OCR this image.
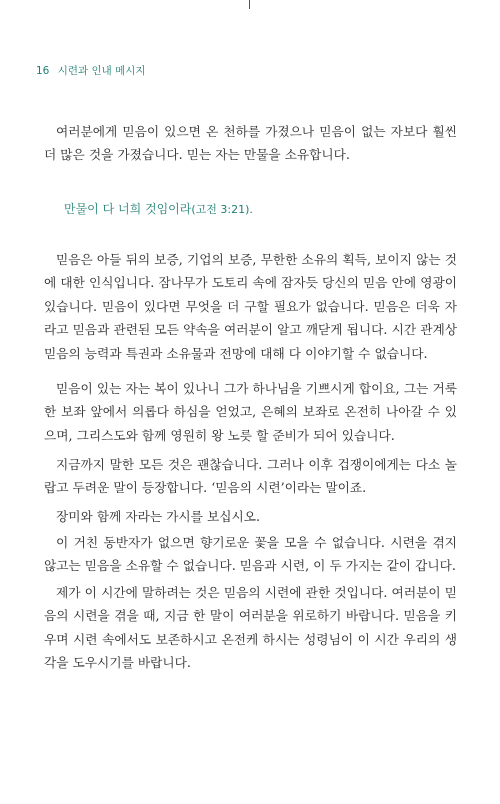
16 시련과 인내 메시지

여러분에게 믿음이 있으면 온 천하를 가졌으나 믿음이 없는 자보다 훨씬 더 많은 것을 가졌습니다. 믿는 자는 만물을 소유합니다.

만물이 다 너희 것임이라(고전 3:21).

믿음은 아들 뒤의 보증, 기업의 보증, 무한한 소유의 획득, 보이지 않는 것에 대한 인식입니다. 잠나무가 도토리 속에 잠자듯 당신의 믿음 안에 영광이 있습니다. 믿음이 있다면 무엇을 더 구할 필요가 없습니다. 믿음은 더욱 자라고 믿음과 관련된 모든 약속을 여러분이 알고 깨닫게 됩니다. 시간 관계상 믿음의 능력과 특권과 소유물과 전망에 대해 다 이야기할 수 없습니다.

믿음이 있는 자는 복이 있나니 그가 하나님을 기쁘시게 합이요, 그는 거룩한 보좌 앞에서 의롭다 하심을 얻었고, 은혜의 보좌로 온전히 나아갈 수 있으며, 그리스도와 함께 영원히 왕 노릇 할 준비가 되어 있습니다.

지금까지 말한 모든 것은 괜찮습니다. 그러나 이후 겁쟁이에게는 다소 놀랍고 두려운 말이 등장합니다. ‘믿음의 시련’이라는 말이죠.

장미와 함께 자라는 가시를 보십시오.

이 거친 동반자가 없으면 향기로운 꽃을 모을 수 없습니다. 시련을 겪지 않고는 믿음을 소유할 수 없습니다. 믿음과 시련, 이 두 가지는 같이 갑니다.

제가 이 시간에 말하려는 것은 믿음의 시련에 관한 것입니다. 여러분이 믿음의 시련을 겪을 때, 지금 한 말이 여러분을 위로하기 바랍니다. 믿음을 키우며 시련 속에서도 보존하시고 온전케 하시는 성령님이 이 시간 우리의 생각을 도우시기를 바랍니다.
